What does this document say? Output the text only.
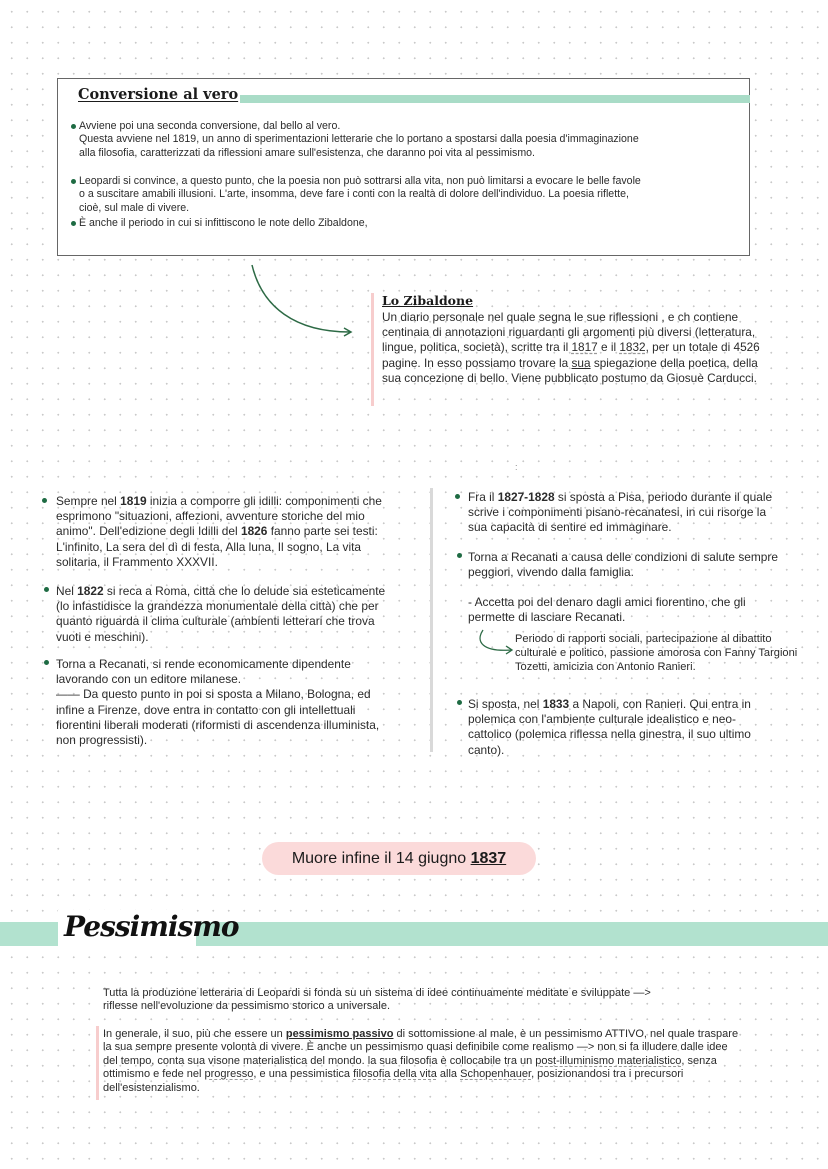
Conversione al vero
Avviene poi una seconda conversione, dal bello al vero.
Questa avviene nel 1819, un anno di sperimentazioni letterarie che lo portano a spostarsi dalla poesia d'immaginazione
alla filosofia, caratterizzati da riflessioni amare sull'esistenza, che daranno poi vita al pessimismo.
Leopardi si convince, a questo punto, che la poesia non può sottrarsi alla vita, non può limitarsi a evocare le belle favole
o a suscitare amabili illusioni. L'arte, insomma, deve fare i conti con la realtà di dolore dell'individuo. La poesia riflette,
cioè, sul male di vivere.
È anche il periodo in cui si infittiscono le note dello Zibaldone,
Lo Zibaldone
Un diario personale nel quale segna le sue riflessioni , e ch contiene centinaia di annotazioni riguardanti gli argomenti più diversi (letteratura, lingue, politica, società), scritte tra il 1817 e il 1832, per un totale di 4526 pagine. In esso possiamo trovare la sua spiegazione della poetica, della sua concezione di bello. Viene pubblicato postumo da Giosuè Carducci.
:
Sempre nel 1819 inizia a comporre gli idilli: componimenti che esprimono "situazioni, affezioni, avventure storiche del mio animo". Dell'edizione degli Idilli del 1826 fanno parte sei testi: L'infinito, La sera del dì di festa, Alla luna, Il sogno, La vita solitaria, il Frammento XXXVII.
Nel 1822 si reca a Roma, città che lo delude sia esteticamente (lo infastidisce la grandezza monumentale della città) che per quanto riguarda il clima culturale (ambienti letterari che trova vuoti e meschini).
Torna a Recanati, si rende economicamente dipendente lavorando con un editore milanese.
—— Da questo punto in poi si sposta a Milano, Bologna, ed infine a Firenze, dove entra in contatto con gli intellettuali fiorentini liberali moderati (riformisti di ascendenza illuminista, non progressisti).
Fra il 1827-1828 si sposta a Pisa, periodo durante il quale scrive i componimenti pisano-recanatesi, in cui risorge la sua capacità di sentire ed immaginare.
Torna a Recanati a causa delle condizioni di salute sempre peggiori, vivendo dalla famiglia.
- Accetta poi del denaro dagli amici fiorentino, che gli permette di lasciare Recanati.
Periodo di rapporti sociali, partecipazione al dibattito culturale e politico, passione amorosa con Fanny Targioni Tozetti, amicizia con Antonio Ranieri.
Si sposta, nel 1833 a Napoli, con Ranieri. Qui entra in polemica con l'ambiente culturale idealistico e neo-cattolico (polemica riflessa nella ginestra, il suo ultimo canto).
Muore infine il 14 giugno 1837
Pessimismo
Tutta la produzione letteraria di Leopardi si fonda su un sistema di idee continuamente meditate e sviluppate —>
riflesse nell'evoluzione da pessimismo storico a universale.
In generale, il suo, più che essere un pessimismo passivo di sottomissione al male, è un pessimismo ATTIVO, nel quale traspare la sua sempre presente volontà di vivere. È anche un pessimismo quasi definibile come realismo —> non si fa illudere dalle idee del tempo, conta sua visone materialistica del mondo. la sua filosofia è collocabile tra un post-illuminismo materialistico, senza ottimismo e fede nel progresso, e una pessimistica filosofia della vita alla Schopenhauer, posizionandosi tra i precursori dell'esistenzialismo.
